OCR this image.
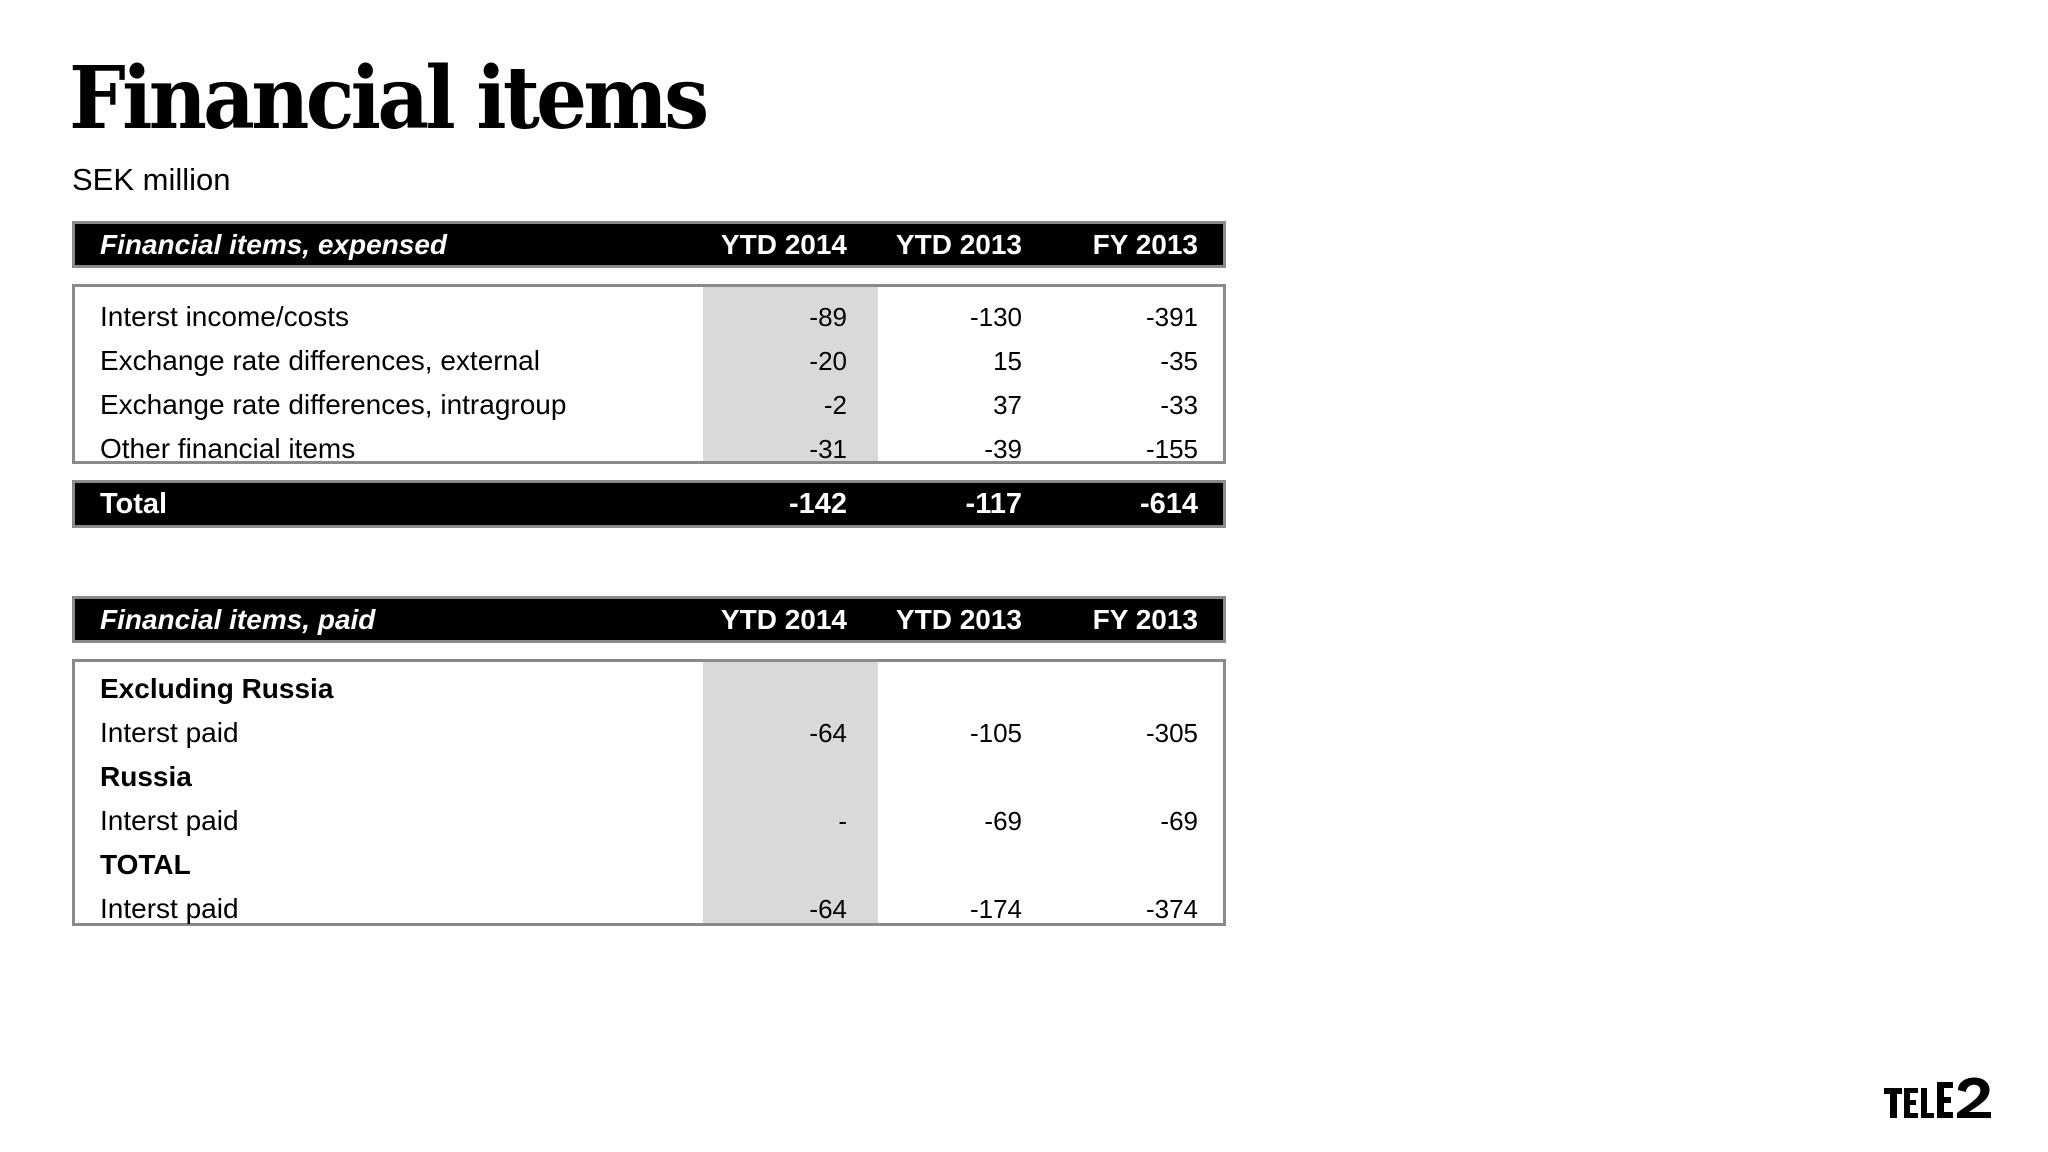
Financial items
SEK million
Financial items, expensed	YTD 2014 YTD 2013	FY 2013
Interst income/costs	-89	-130	-391
Exchange rate differences, external	-20	15	-35
Exchange rate differences, intragroup	-2	37	-33
Other financial items	-31	-39	-155
Total	-142	-117	-614
Financial items, paid	YTD 2014 YTD 2013	FY 2013
Excluding Russia
Interst paid	-64	-105	-305
Russia
Interst paid	-	-69	-69
TOTAL
Interst paid	-64	-174	-374
